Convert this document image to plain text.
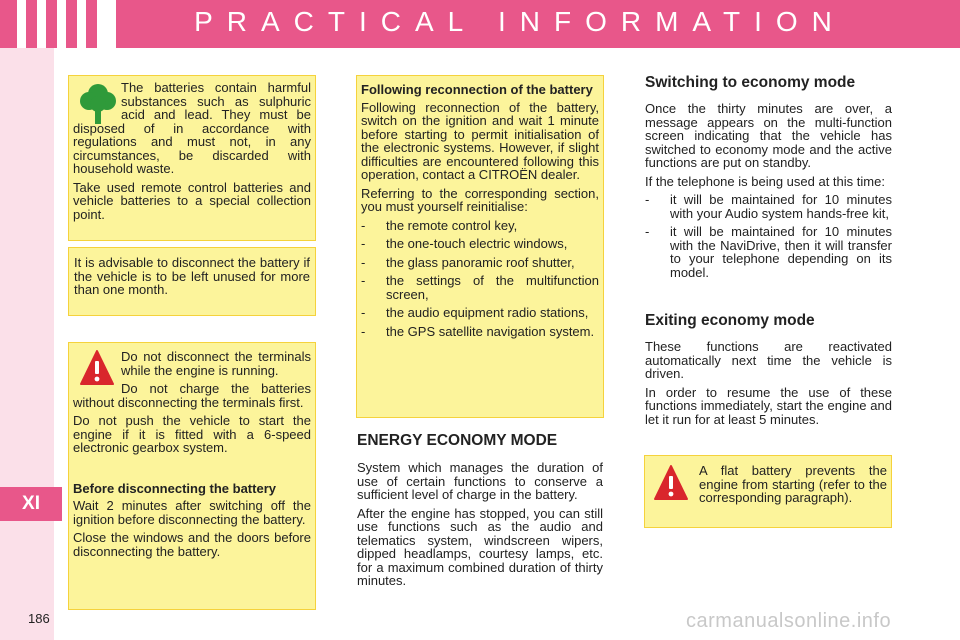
PRACTICAL INFORMATION
XI
186

The batteries contain harmful substances such as sulphuric acid and lead. They must be disposed of in accordance with regulations and must not, in any circumstances, be discarded with household waste.

Take used remote control batteries and vehicle batteries to a special collection point.

It is advisable to disconnect the battery if the vehicle is to be left unused for more than one month.

Do not disconnect the terminals while the engine is running.

Do not charge the batteries without disconnecting the terminals first.

Do not push the vehicle to start the engine if it is fitted with a 6-speed electronic gearbox system.

Before disconnecting the battery

Wait 2 minutes after switching off the ignition before disconnecting the battery.

Close the windows and the doors before disconnecting the battery.

Following reconnection of the battery

Following reconnection of the battery, switch on the ignition and wait 1 minute before starting to permit initialisation of the electronic systems. However, if slight difficulties are encountered following this operation, contact a CITROËN dealer.

Referring to the corresponding section, you must yourself reinitialise:

- the remote control key,
- the one-touch electric windows,
- the glass panoramic roof shutter,
- the settings of the multifunction screen,
- the audio equipment radio stations,
- the GPS satellite navigation system.
ENERGY ECONOMY MODE

System which manages the duration of use of certain functions to conserve a sufficient level of charge in the battery.

After the engine has stopped, you can still use functions such as the audio and telematics system, windscreen wipers, dipped headlamps, courtesy lamps, etc. for a maximum combined duration of thirty minutes.

Switching to economy mode

Once the thirty minutes are over, a message appears on the multi-function screen indicating that the vehicle has switched to economy mode and the active functions are put on standby.

If the telephone is being used at this time:

- it will be maintained for 10 minutes with your Audio system hands-free kit,
- it will be maintained for 10 minutes with the NaviDrive, then it will transfer to your telephone depending on its model.
Exiting economy mode

These functions are reactivated automatically next time the vehicle is driven.

In order to resume the use of these functions immediately, start the engine and let it run for at least 5 minutes.

A flat battery prevents the engine from starting (refer to the corresponding paragraph).

carmanualsonline.info
